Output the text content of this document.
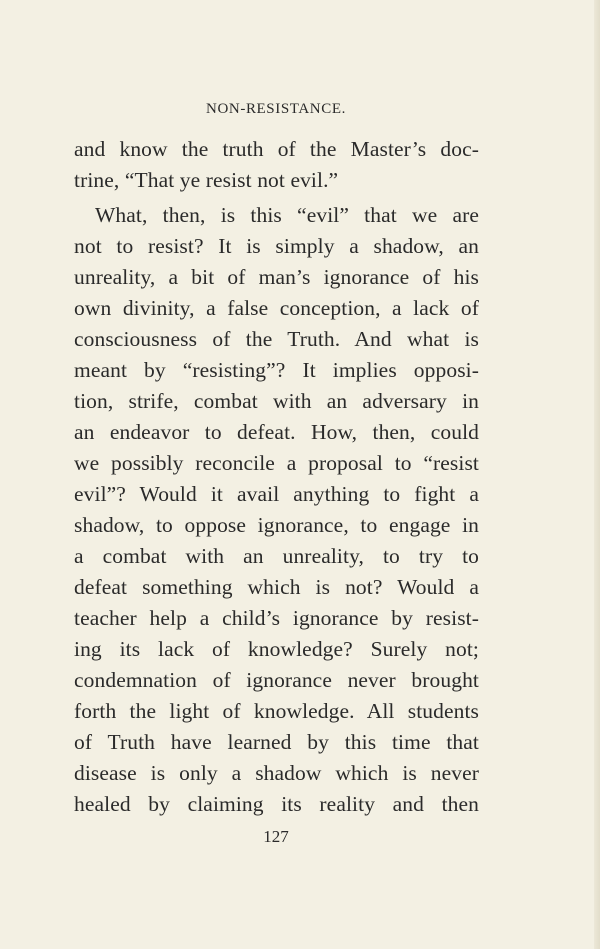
NON-RESISTANCE.
and know the truth of the Master’s doc-
trine, “That ye resist not evil.”
What, then, is this “evil” that we are
not to resist? It is simply a shadow, an
unreality, a bit of man’s ignorance of his
own divinity, a false conception, a lack of
consciousness of the Truth. And what is
meant by “resisting”? It implies opposi-
tion, strife, combat with an adversary in
an endeavor to defeat. How, then, could
we possibly reconcile a proposal to “resist
evil”? Would it avail anything to fight a
shadow, to oppose ignorance, to engage in
a combat with an unreality, to try to
defeat something which is not? Would a
teacher help a child’s ignorance by resist-
ing its lack of knowledge? Surely not;
condemnation of ignorance never brought
forth the light of knowledge. All students
of Truth have learned by this time that
disease is only a shadow which is never
healed by claiming its reality and then
127
